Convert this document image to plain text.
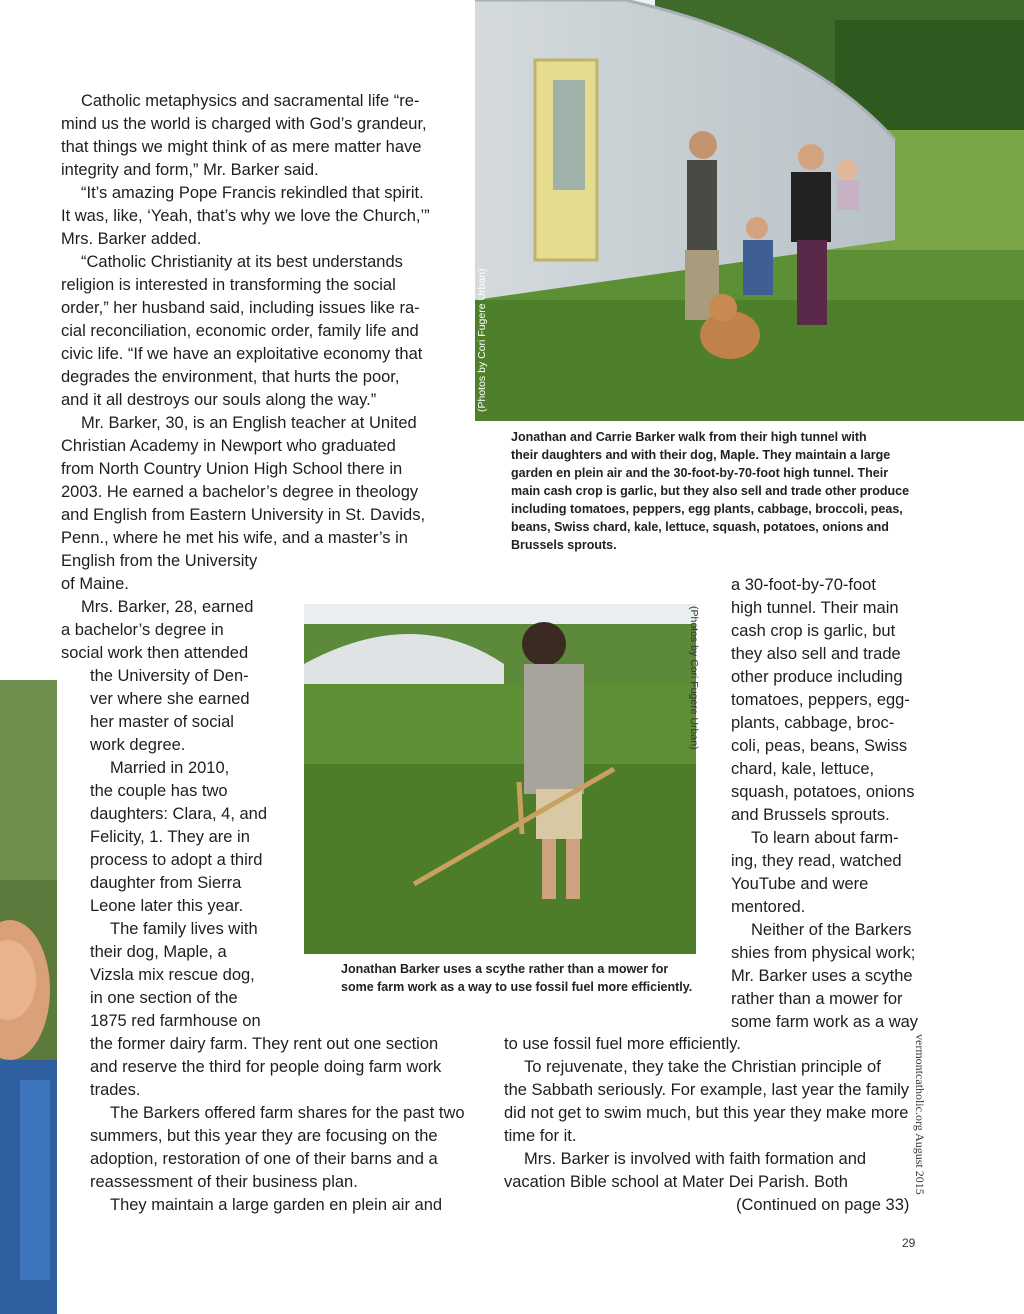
(Photos by Cori Fugere Urban)
Jonathan and Carrie Barker walk from their high tunnel with
their daughters and with their dog, Maple. They maintain a large
garden en plein air and the 30-foot-by-70-foot high tunnel. Their
main cash crop is garlic, but they also sell and trade other produce
including tomatoes, peppers, egg plants, cabbage, broccoli, peas,
beans, Swiss chard, kale, lettuce, squash, potatoes, onions and
Brussels sprouts.
(Photos by Cori Fugere Urban)
Jonathan Barker uses a scythe rather than a mower for
some farm work as a way to use fossil fuel more efficiently.
Catholic metaphysics and sacramental life “re-
mind us the world is charged with God’s grandeur,
that things we might think of as mere matter have
integrity and form,” Mr. Barker said.
“It’s amazing Pope Francis rekindled that spirit.
It was, like, ‘Yeah, that’s why we love the Church,’”
Mrs. Barker added.
“Catholic Christianity at its best understands
religion is interested in transforming the social
order,” her husband said, including issues like ra-
cial reconciliation, economic order, family life and
civic life. “If we have an exploitative economy that
degrades the environment, that hurts the poor,
and it all destroys our souls along the way.”
Mr. Barker, 30, is an English teacher at United
Christian Academy in Newport who graduated
from North Country Union High School there in
2003. He earned a bachelor’s degree in theology
and English from Eastern University in St. Davids,
Penn., where he met his wife, and a master’s in
English from the University
of Maine.
Mrs. Barker, 28, earned
a bachelor’s degree in
social work then attended
the University of Den-
ver where she earned
her master of social
work degree.
Married in 2010,
the couple has two
daughters: Clara, 4, and
Felicity, 1. They are in
process to adopt a third
daughter from Sierra
Leone later this year.
The family lives with
their dog, Maple, a
Vizsla mix rescue dog,
in one section of the
1875 red farmhouse on
the former dairy farm. They rent out one section
and reserve the third for people doing farm work
trades.
The Barkers offered farm shares for the past two
summers, but this year they are focusing on the
adoption, restoration of one of their barns and a
reassessment of their business plan.
They maintain a large garden en plein air and
a 30-foot-by-70-foot
high tunnel. Their main
cash crop is garlic, but
they also sell and trade
other produce including
tomatoes, peppers, egg-
plants, cabbage, broc-
coli, peas, beans, Swiss
chard, kale, lettuce,
squash, potatoes, onions
and Brussels sprouts.
To learn about farm-
ing, they read, watched
YouTube and were
mentored.
Neither of the Barkers
shies from physical work;
Mr. Barker uses a scythe
rather than a mower for
some farm work as a way
to use fossil fuel more efficiently.
To rejuvenate, they take the Christian principle of
the Sabbath seriously. For example, last year the family
did not get to swim much, but this year they make more
time for it.
Mrs. Barker is involved with faith formation and
vacation Bible school at Mater Dei Parish. Both
(Continued on page 33)
vermontcatholic.org August 2015
29
